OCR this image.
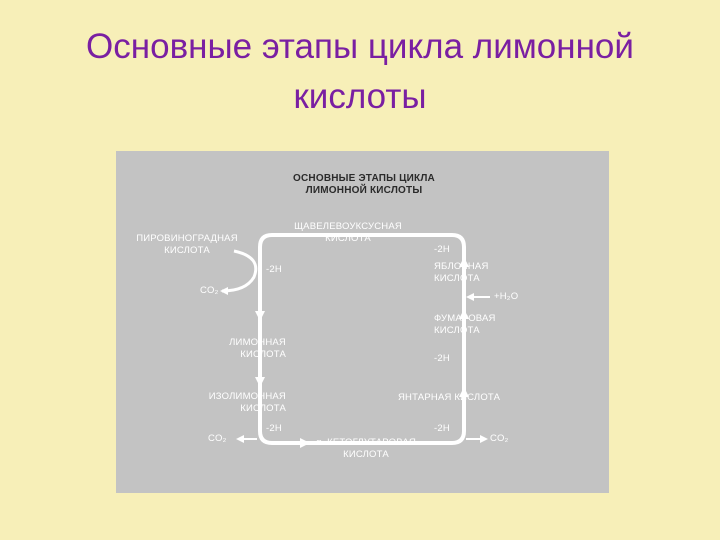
Основные этапы цикла лимонной
кислоты
ОСНОВНЫЕ ЭТАПЫ ЦИКЛА
ЛИМОННОЙ КИСЛОТЫ
ПИРОВИНОГРАДНАЯ
КИСЛОТА
ЩАВЕЛЕВОУКСУСНАЯ
КИСЛОТА
-2H
CO₂
ЛИМОННАЯ
КИСЛОТА
ИЗОЛИМОННАЯ
КИСЛОТА
-2H
CO₂	α–КЕТОГЛУТАРОВАЯ
КИСЛОТА
-2H
CO₂
ЯНТАРНАЯ КИСЛОТА
-2H
ФУМАРОВАЯ
КИСЛОТА
+H₂O
ЯБЛОЧНАЯ
КИСЛОТА
-2H
